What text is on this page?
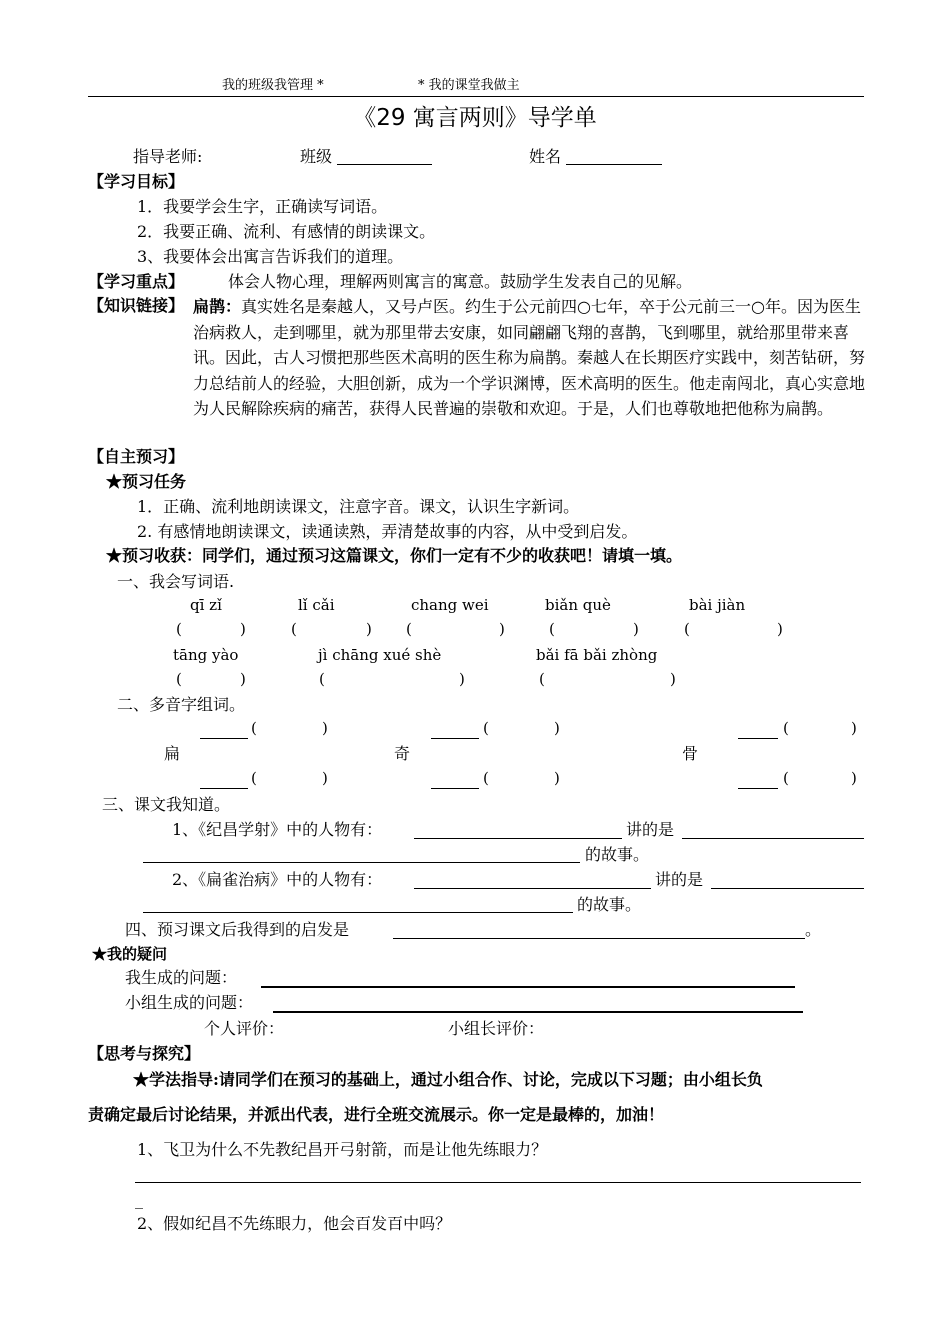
我的班级我管理 *	* 我的课堂我做主
《29 寓言两则》导学单
指导老师:	班级	姓名
【学习目标】
1．我要学会生字，正确读写词语。
2．我要正确、流利、有感情的朗读课文。
3、我要体会出寓言告诉我们的道理。
【学习重点】	体会人物心理，理解两则寓言的寓意。鼓励学生发表自己的见解。
【知识链接】 扁鹊：真实姓名是秦越人，又号卢医。约生于公元前四○七年，卒于公元前三一○年。因为医生治病救人，走到哪里，就为那里带去安康，如同翩翩飞翔的喜鹊，飞到哪里，就给那里带来喜讯。因此，古人习惯把那些医术高明的医生称为扁鹊。秦越人在长期医疗实践中，刻苦钻研，努力总结前人的经验，大胆创新，成为一个学识渊博，医术高明的医生。他走南闯北，真心实意地为人民解除疾病的痛苦，获得人民普遍的崇敬和欢迎。于是，人们也尊敬地把他称为扁鹊。
【自主预习】
★预习任务
1．正确、流利地朗读课文，注意字音。课文，认识生字新词。
2. 有感情地朗读课文，读通读熟，弄清楚故事的内容，从中受到启发。
★预习收获：同学们，通过预习这篇课文，你们一定有不少的收获吧！请填一填。
一、我会写词语.
qī zǐ	lǐ cǎi	chang wei	biǎn què	bài jiàn
(	)	(	) (	)	(	)	(	)
tāng yào	jì chāng xué shè	bǎi fā bǎi zhòng
(	)	(	)	(	)
二、多音字组词。
(	)	(	)	(	)
扁	奇	骨
(	)	(	)	(	)
三、课文我知道。
1、《纪昌学射》中的人物有：	讲的是
的故事。
2、《扁雀治病》中的人物有：	讲的是
的故事。
四、预习课文后我得到的启发是	。
★我的疑问
我生成的问题：
小组生成的问题：
个人评价：	小组长评价：
【思考与探究】
★学法指导:请同学们在预习的基础上，通过小组合作、讨论，完成以下习题；由小组长负
责确定最后讨论结果，并派出代表，进行全班交流展示。你一定是最棒的，加油！
1、飞卫为什么不先教纪昌开弓射箭，而是让他先练眼力？
_
2、假如纪昌不先练眼力，他会百发百中吗？
